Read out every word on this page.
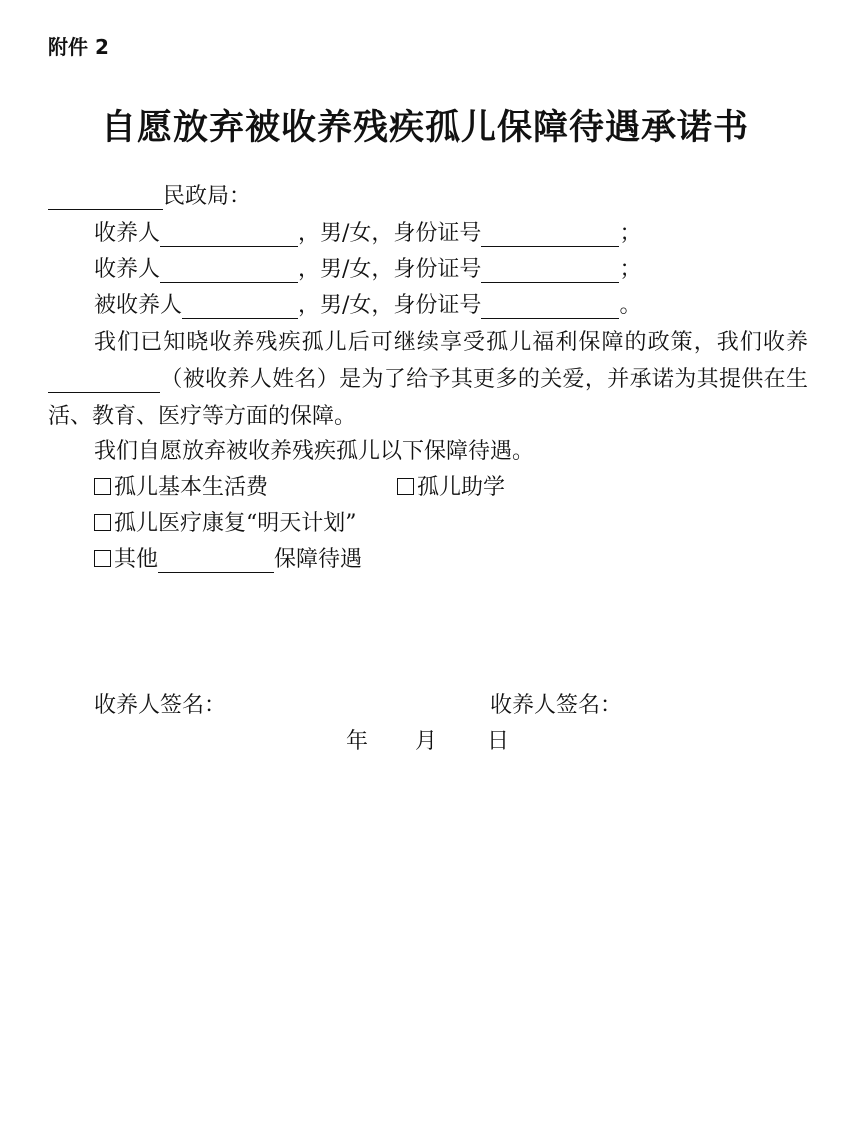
附件 2
自愿放弃被收养残疾孤儿保障待遇承诺书
民政局：
收养人	，男/女，身份证号	；
收养人	，男/女，身份证号	；
被收养人	，男/女，身份证号	。
我们已知晓收养残疾孤儿后可继续享受孤儿福利保障的政策，我们收养（被收养人姓名）是为了给予其更多的关爱，并承诺为其提供在生活、教育、医疗等方面的保障。
我们自愿放弃被收养残疾孤儿以下保障待遇。
孤儿基本生活费	孤儿助学
孤儿医疗康复“明天计划”
其他	保障待遇
收养人签名：	收养人签名：
年 月 日
